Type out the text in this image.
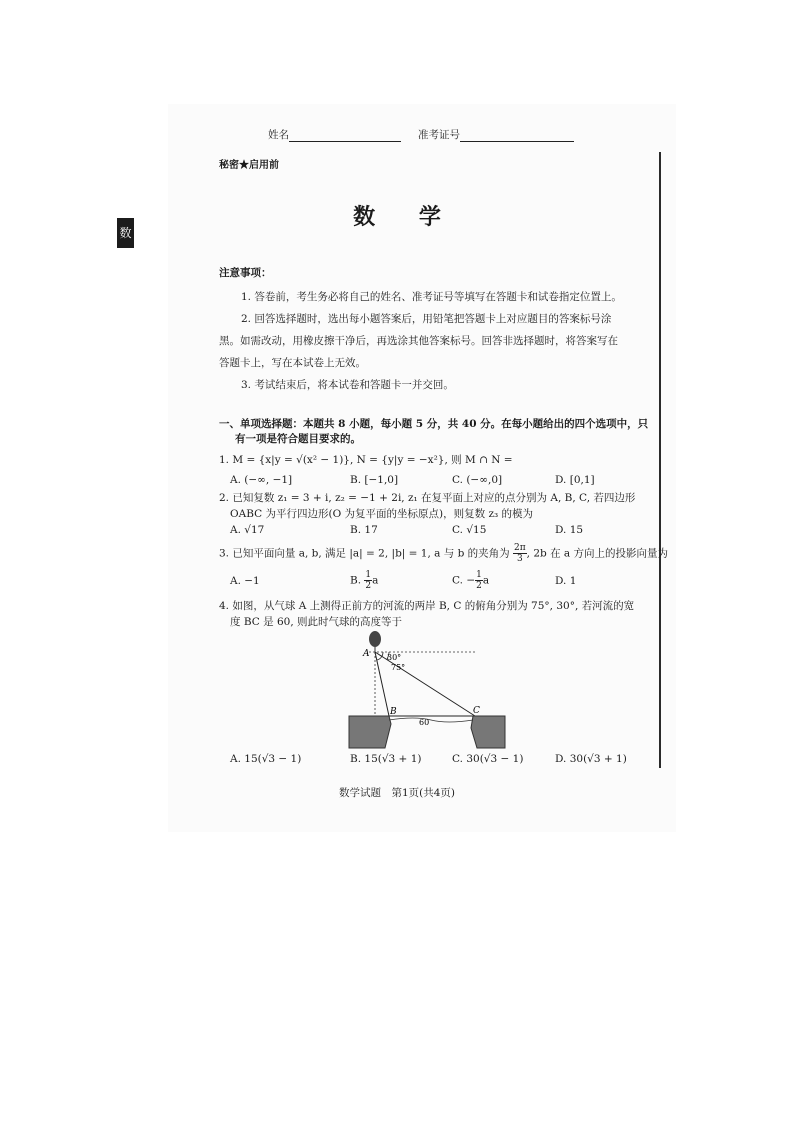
数
姓名	准考证号
秘密★启用前
数 学
注意事项：
1. 答卷前，考生务必将自己的姓名、准考证号等填写在答题卡和试卷指定位置上。
2. 回答选择题时，选出每小题答案后，用铅笔把答题卡上对应题目的答案标号涂
黑。如需改动，用橡皮擦干净后，再选涂其他答案标号。回答非选择题时，将答案写在
答题卡上，写在本试卷上无效。
3. 考试结束后，将本试卷和答题卡一并交回。
一、单项选择题：本题共 8 小题，每小题 5 分，共 40 分。在每小题给出的四个选项中，只
有一项是符合题目要求的。
1. M = {x|y = √(x² − 1)}, N = {y|y = −x²}, 则 M ∩ N =
A. (−∞, −1]	B. [−1,0]	C. (−∞,0]	D. [0,1]
2. 已知复数 z₁ = 3 + i, z₂ = −1 + 2i, z₁ 在复平面上对应的点分别为 A, B, C, 若四边形
OABC 为平行四边形(O 为复平面的坐标原点)，则复数 z₃ 的模为
A. √17	B. 17	C. √15	D. 15
3. 已知平面向量 a, b, 满足 |a| = 2, |b| = 1, a 与 b 的夹角为 $\frac{2\pi}{3}$ , 2b 在 a 方向上的投影向量为
A. −1	B. $\frac{1}{2}$ a	C. − $\frac{1}{2}$ a	D. 1
4. 如图，从气球 A 上测得正前方的河流的两岸 B, C 的俯角分别为 75°, 30°, 若河流的宽
度 BC 是 60, 则此时气球的高度等于
A 30°
75°
B	C
60
A. 15(√3 − 1)	B. 15(√3 + 1)	C. 30(√3 − 1)	D. 30(√3 + 1)
数学试题　第1页(共4页)
